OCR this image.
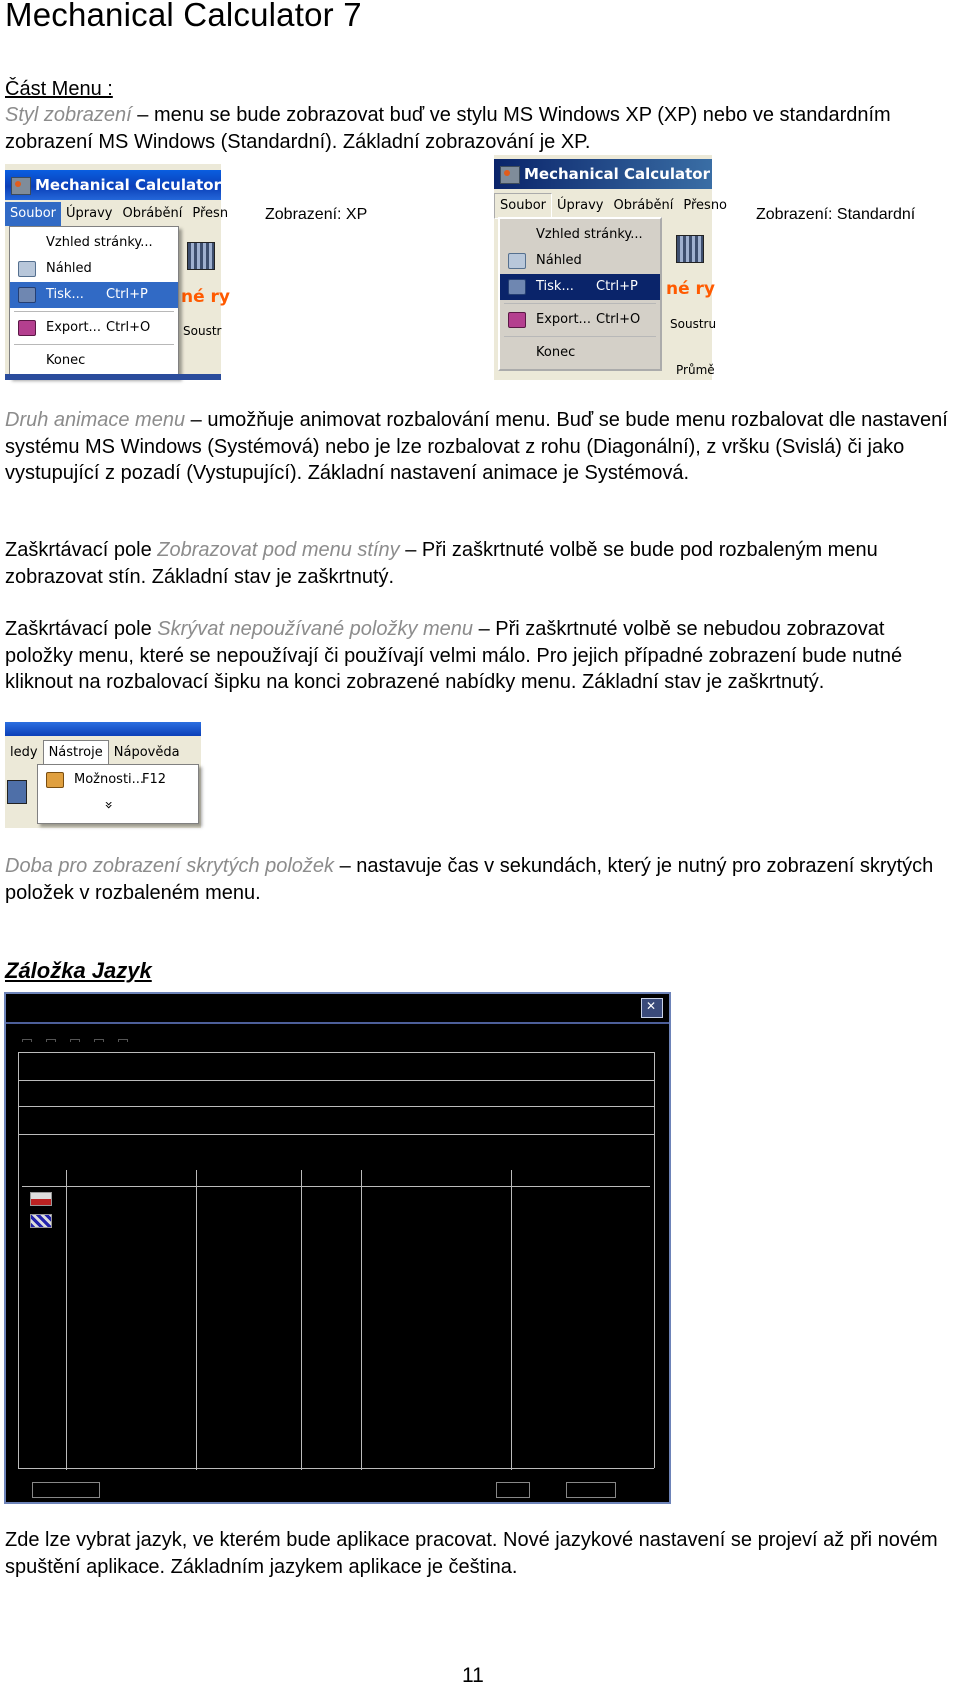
Mechanical Calculator 7

Část Menu :

Styl zobrazení – menu se bude zobrazovat buď ve stylu MS Windows XP (XP) nebo ve standardním zobrazení MS Windows (Standardní). Základní zobrazování je XP.

Mechanical Calculator 7
Soubor Úpravy Obrábění Přesn
né ry
Soustr
Vzhled stránky...
Náhled
Tisk... Ctrl+P
Export... Ctrl+O
Konec
Zobrazení: XP
Mechanical Calculator 7
Soubor Úpravy Obrábění Přesno
né ry
Soustru
Průmě
Vzhled stránky...
Náhled
Tisk... Ctrl+P
Export... Ctrl+O
Konec
Zobrazení: Standardní

Druh animace menu – umožňuje animovat rozbalování menu. Buď se bude menu rozbalovat dle nastavení systému MS Windows (Systémová) nebo je lze rozbalovat z rohu (Diagonální), z vršku (Svislá) či jako vystupující z pozadí (Vystupující). Základní nastavení animace je Systémová.

Zaškrtávací pole Zobrazovat pod menu stíny – Při zaškrtnuté volbě se bude pod rozbaleným menu zobrazovat stín. Základní stav je zaškrtnutý.

Zaškrtávací pole Skrývat nepoužívané položky menu – Při zaškrtnuté volbě se nebudou zobrazovat položky menu, které se nepoužívají či používají velmi málo. Pro jejich případné zobrazení bude nutné kliknout na rozbalovací šipku na konci zobrazené nabídky menu. Základní stav je zaškrtnutý.

ledy Nástroje Nápověda
Možnosti...
F12
»

Doba pro zobrazení skrytých položek – nastavuje čas v sekundách, který je nutný pro zobrazení skrytých položek v rozbaleném menu.

Záložka Jazyk
✕

Zde lze vybrat jazyk, ve kterém bude aplikace pracovat. Nové jazykové nastavení se projeví až při novém spuštění aplikace. Základním jazykem aplikace je čeština.

11
